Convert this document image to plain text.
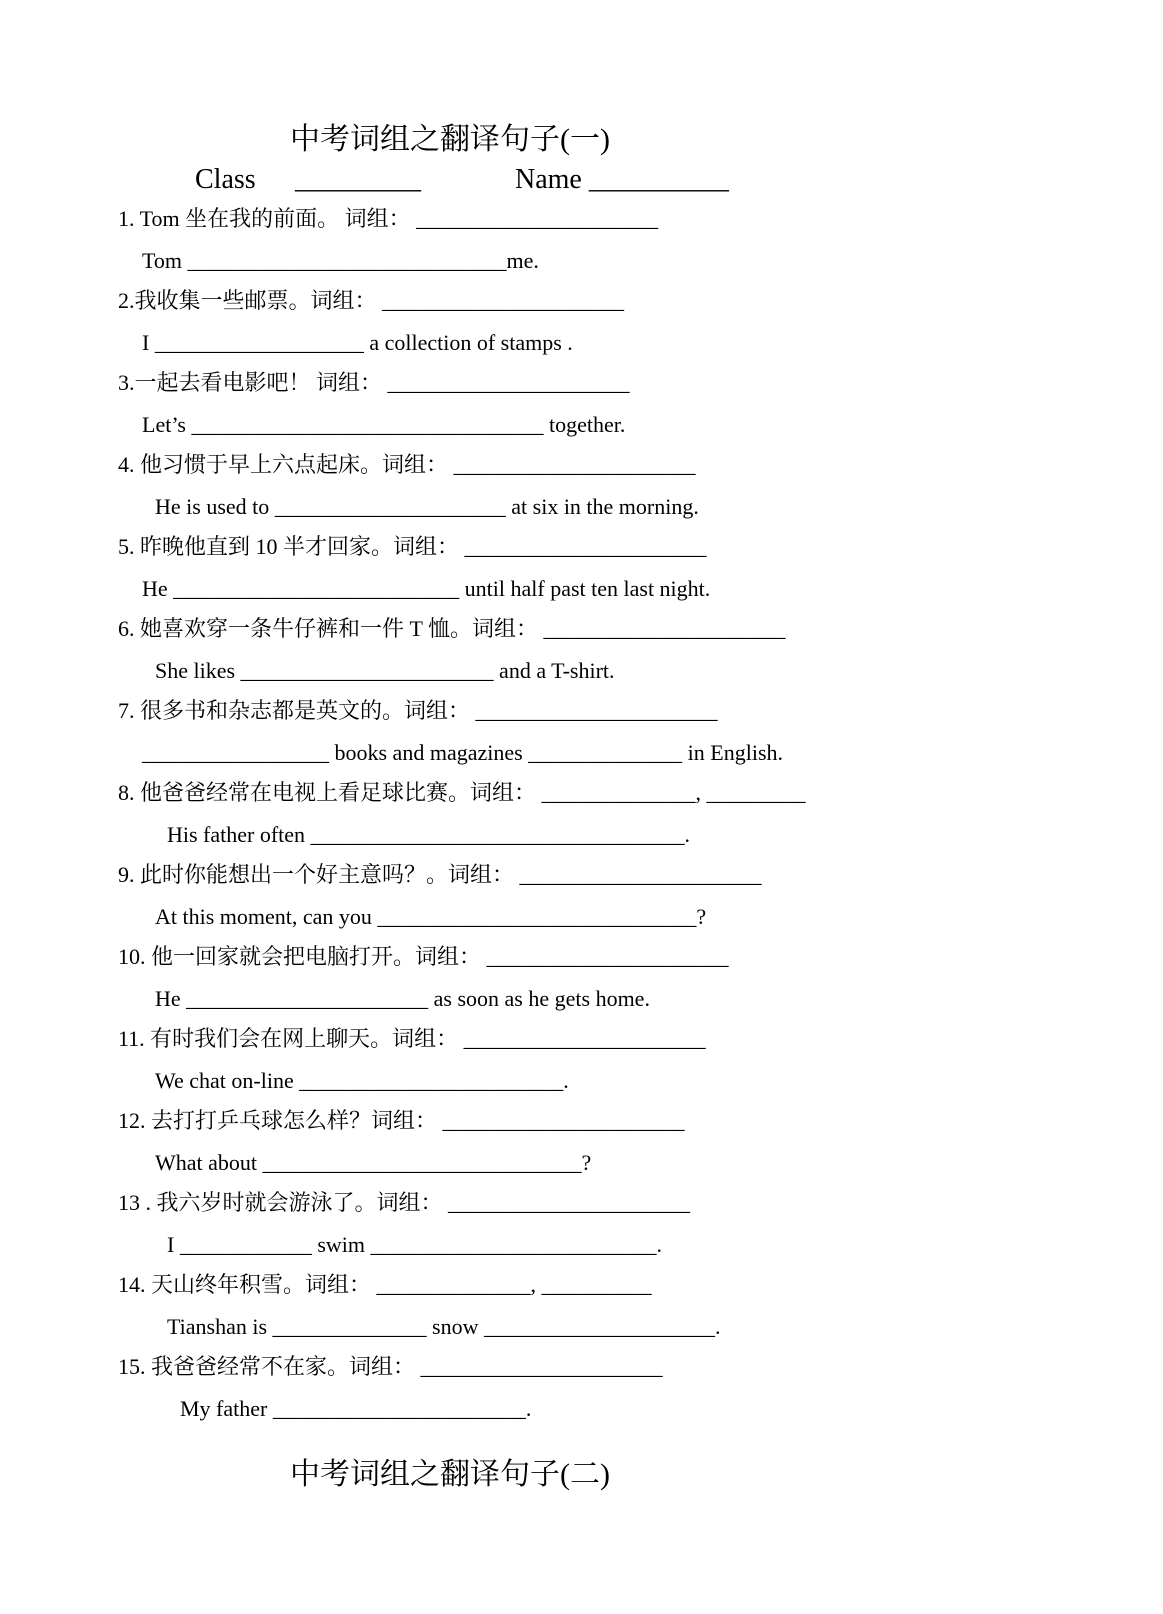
中考词组之翻译句子(一)
Class _________	Name __________
1. Tom 坐在我的前面。 词组： ______________________
Tom _____________________________me.
2.我收集一些邮票。词组： ______________________
I ___________________ a collection of stamps .
3.一起去看电影吧！ 词组： ______________________
Let’s ________________________________ together.
4. 他习惯于早上六点起床。词组： ______________________
He is used to _____________________ at six in the morning.
5. 昨晚他直到 10 半才回家。词组： ______________________
He __________________________ until half past ten last night.
6. 她喜欢穿一条牛仔裤和一件 T 恤。词组： ______________________
She likes _______________________ and a T-shirt.
7. 很多书和杂志都是英文的。词组： ______________________
_________________ books and magazines ______________ in English.
8. 他爸爸经常在电视上看足球比赛。词组： ______________, _________
His father often __________________________________.
9. 此时你能想出一个好主意吗？。词组： ______________________
At this moment, can you _____________________________?
10. 他一回家就会把电脑打开。词组： ______________________
He ______________________ as soon as he gets home.
11. 有时我们会在网上聊天。词组： ______________________
We chat on-line ________________________.
12. 去打打乒乓球怎么样？词组： ______________________
What about _____________________________?
13 . 我六岁时就会游泳了。词组： ______________________
I ____________ swim __________________________.
14. 天山终年积雪。词组： ______________, __________
Tianshan is ______________ snow _____________________.
15. 我爸爸经常不在家。词组： ______________________
My father _______________________.
中考词组之翻译句子(二)
